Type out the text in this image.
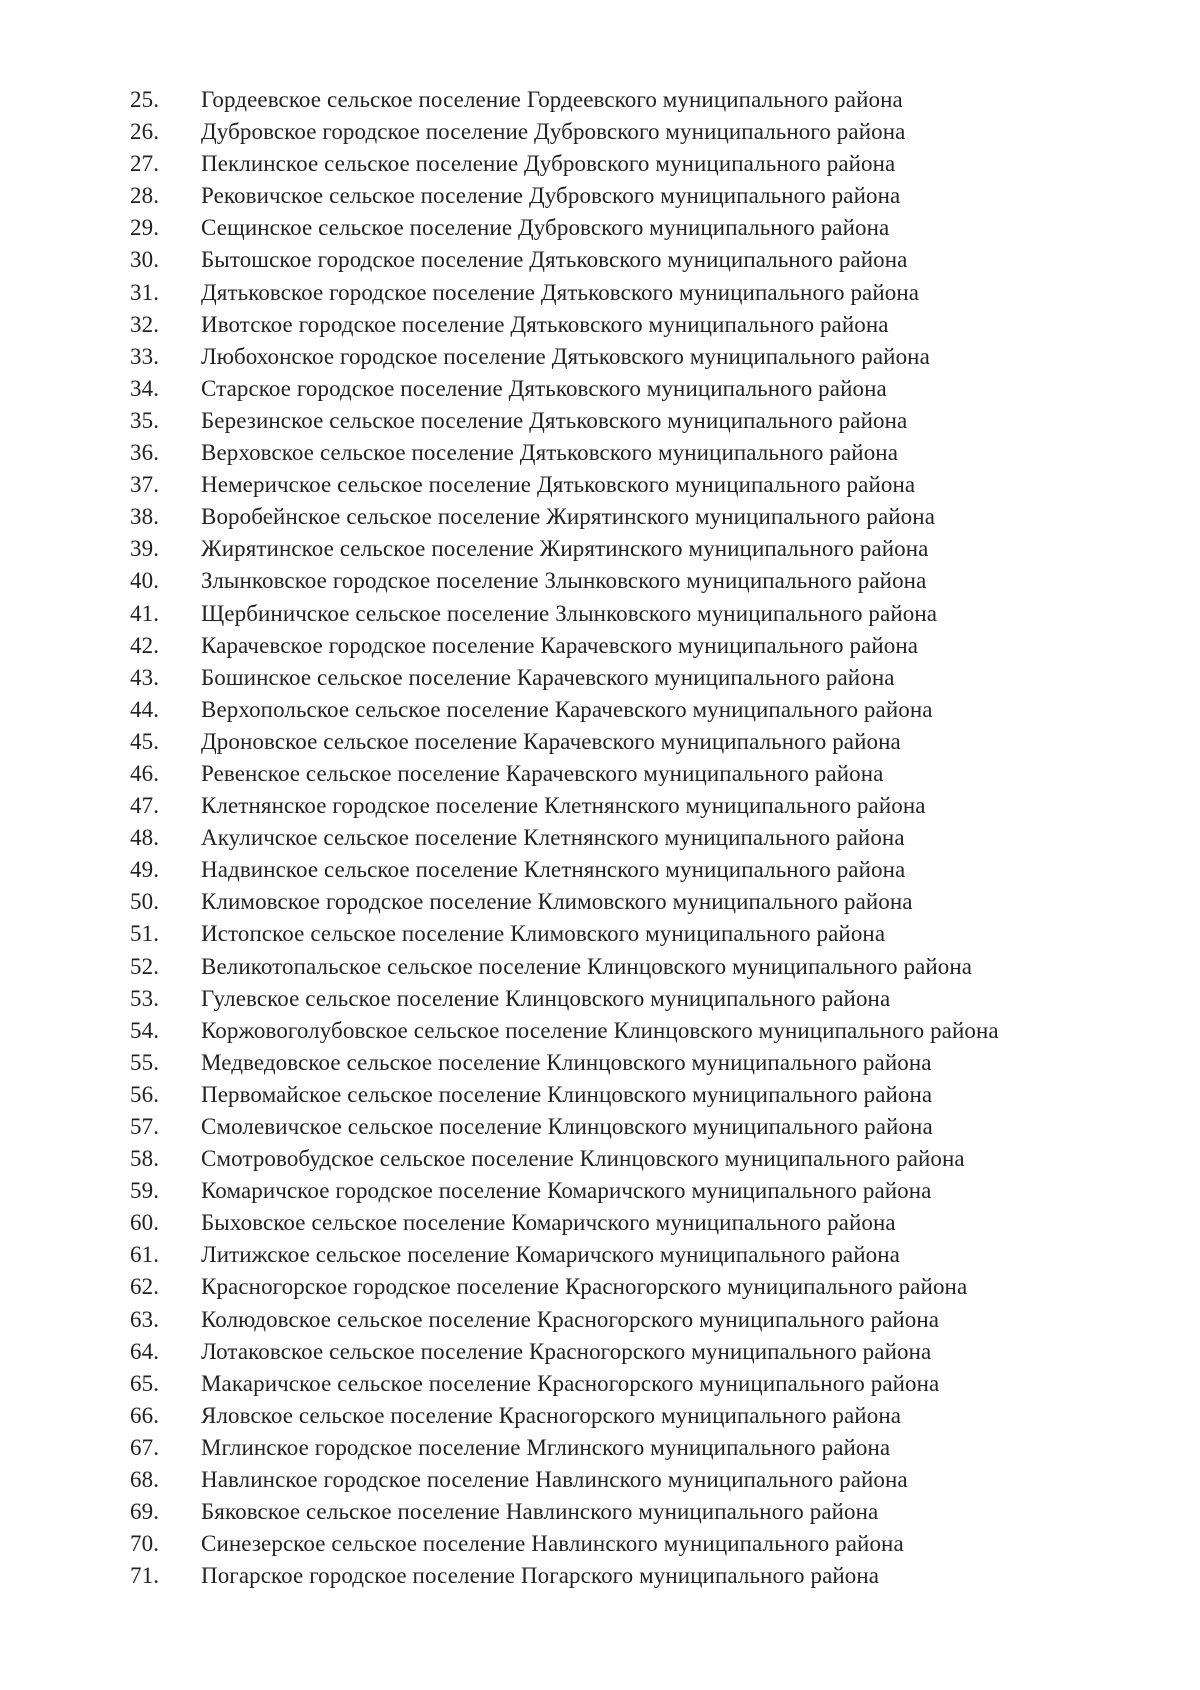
25.	Гордеевское сельское поселение Гордеевского муниципального района
26.	Дубровское городское поселение Дубровского муниципального района
27.	Пеклинское сельское поселение Дубровского муниципального района
28.	Рековичское сельское поселение Дубровского муниципального района
29.	Сещинское сельское поселение Дубровского муниципального района
30.	Бытошское городское поселение Дятьковского муниципального района
31.	Дятьковское городское поселение Дятьковского муниципального района
32.	Ивотское городское поселение Дятьковского муниципального района
33.	Любохонское городское поселение Дятьковского муниципального района
34.	Старское городское поселение Дятьковского муниципального района
35.	Березинское сельское поселение Дятьковского муниципального района
36.	Верховское сельское поселение Дятьковского муниципального района
37.	Немеричское сельское поселение Дятьковского муниципального района
38.	Воробейнское сельское поселение Жирятинского муниципального района
39.	Жирятинское сельское поселение Жирятинского муниципального района
40.	Злынковское городское поселение Злынковского муниципального района
41.	Щербиничское сельское поселение Злынковского муниципального района
42.	Карачевское городское поселение Карачевского муниципального района
43.	Бошинское сельское поселение Карачевского муниципального района
44.	Верхопольское сельское поселение Карачевского муниципального района
45.	Дроновское сельское поселение Карачевского муниципального района
46.	Ревенское сельское поселение Карачевского муниципального района
47.	Клетнянское городское поселение Клетнянского муниципального района
48.	Акуличское сельское поселение Клетнянского муниципального района
49.	Надвинское сельское поселение Клетнянского муниципального района
50.	Климовское городское поселение Климовского муниципального района
51.	Истопское сельское поселение Климовского муниципального района
52.	Великотопальское сельское поселение Клинцовского муниципального района
53.	Гулевское сельское поселение Клинцовского муниципального района
54.	Коржовоголубовское сельское поселение Клинцовского муниципального района
55.	Медведовское сельское поселение Клинцовского муниципального района
56.	Первомайское сельское поселение Клинцовского муниципального района
57.	Смолевичское сельское поселение Клинцовского муниципального района
58.	Смотровобудское сельское поселение Клинцовского муниципального района
59.	Комаричское городское поселение Комаричского муниципального района
60.	Быховское сельское поселение Комаричского муниципального района
61.	Литижское сельское поселение Комаричского муниципального района
62.	Красногорское городское поселение Красногорского муниципального района
63.	Колюдовское сельское поселение Красногорского муниципального района
64.	Лотаковское сельское поселение Красногорского муниципального района
65.	Макаричское сельское поселение Красногорского муниципального района
66.	Яловское сельское поселение Красногорского муниципального района
67.	Мглинское городское поселение Мглинского муниципального района
68.	Навлинское городское поселение Навлинского муниципального района
69.	Бяковское сельское поселение Навлинского муниципального района
70.	Синезерское сельское поселение Навлинского муниципального района
71.	Погарское городское поселение Погарского муниципального района
